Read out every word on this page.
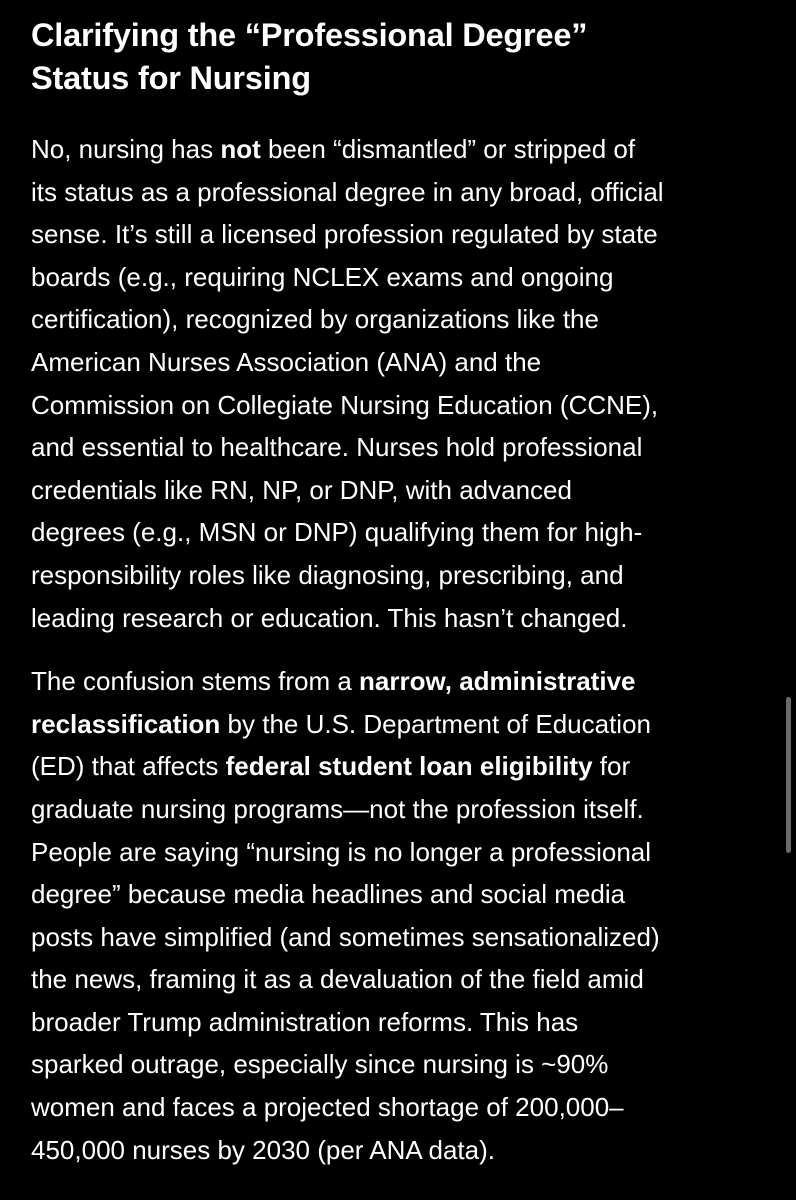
Clarifying the “Professional Degree”
Status for Nursing

No, nursing has not been “dismantled” or stripped of
its status as a professional degree in any broad, official
sense. It’s still a licensed profession regulated by state
boards (e.g., requiring NCLEX exams and ongoing
certification), recognized by organizations like the
American Nurses Association (ANA) and the
Commission on Collegiate Nursing Education (CCNE),
and essential to healthcare. Nurses hold professional
credentials like RN, NP, or DNP, with advanced
degrees (e.g., MSN or DNP) qualifying them for high-
responsibility roles like diagnosing, prescribing, and
leading research or education. This hasn’t changed.

The confusion stems from a narrow, administrative
reclassification by the U.S. Department of Education
(ED) that affects federal student loan eligibility for
graduate nursing programs—not the profession itself.
People are saying “nursing is no longer a professional
degree” because media headlines and social media
posts have simplified (and sometimes sensationalized)
the news, framing it as a devaluation of the field amid
broader Trump administration reforms. This has
sparked outrage, especially since nursing is ~90%
women and faces a projected shortage of 200,000–
450,000 nurses by 2030 (per ANA data).
